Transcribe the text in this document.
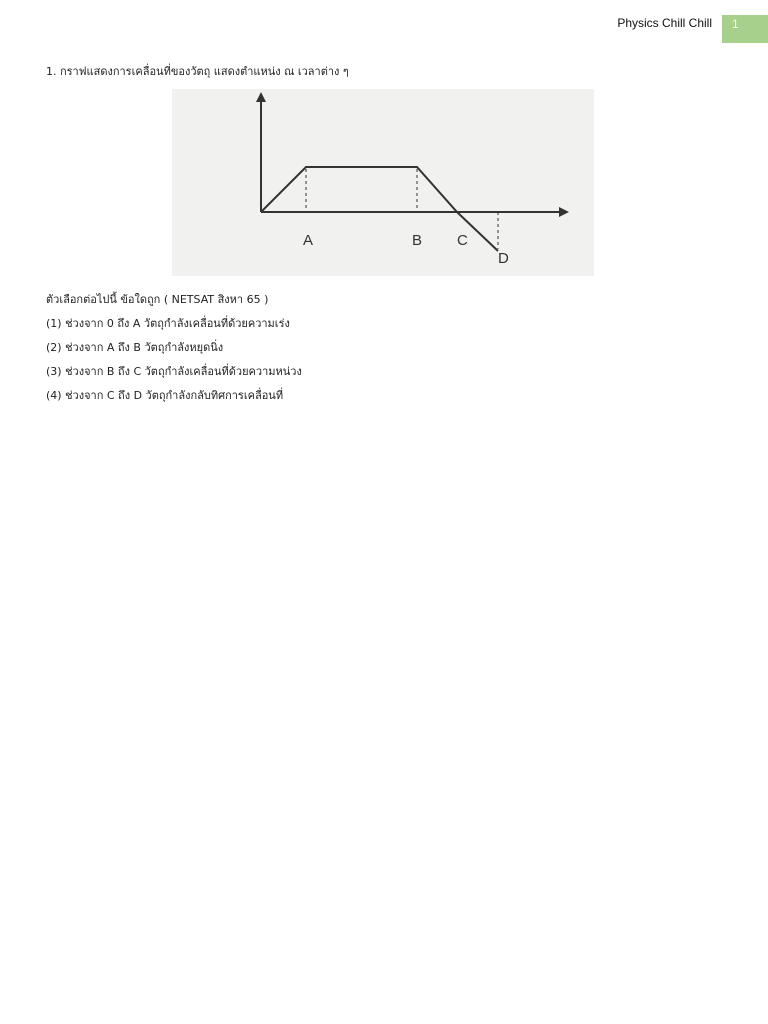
Physics Chill Chill	1
1. กราฟแสดงการเคลื่อนที่ของวัตถุ แสดงตำแหน่ง ณ เวลาต่าง ๆ
A	B C
D
ตัวเลือกต่อไปนี้ ข้อใดถูก ( NETSAT สิงหา 65 )
(1) ช่วงจาก 0 ถึง A วัตถุกำลังเคลื่อนที่ด้วยความเร่ง
(2) ช่วงจาก A ถึง B วัตถุกำลังหยุดนิ่ง
(3) ช่วงจาก B ถึง C วัตถุกำลังเคลื่อนที่ด้วยความหน่วง
(4) ช่วงจาก C ถึง D วัตถุกำลังกลับทิศการเคลื่อนที่
